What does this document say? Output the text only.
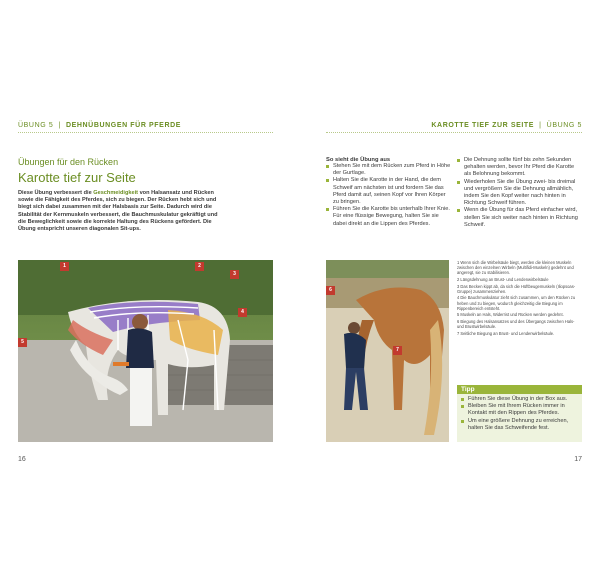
ÜBUNG 5  |  DEHNÜBUNGEN FÜR PFERDE	KAROTTE TIEF ZUR SEITE  |  ÜBUNG 5
Übungen für den Rücken
Karotte tief zur Seite

Diese Übung verbessert die Geschmeidigkeit von Halsansatz und Rücken sowie die Fähigkeit des Pferdes, sich zu biegen. Der Rücken hebt sich und biegt sich dabei zusammen mit der Halsbasis zur Seite. Dadurch wird die Stabilität der Kernmuskeln verbessert, die Bauchmuskulatur gekräftigt und die Beweglichkeit sowie die korrekte Haltung des Rückens gefördert. Die Übung entspricht unseren diagonalen Sit-ups.

1	2
3
4
5
So sieht die Übung aus
Stehen Sie mit dem Rücken zum Pferd in Höhe der Gurtlage.
Halten Sie die Karotte in der Hand, die dem Schweif am nächsten ist und fordern Sie das Pferd damit auf, seinen Kopf vor Ihren Körper zu bringen.
Führen Sie die Karotte bis unterhalb Ihrer Knie. Für eine flüssige Bewegung, halten Sie sie dabei direkt an die Lippen des Pferdes.
Die Dehnung sollte fünf bis zehn Sekunden gehalten werden, bevor Ihr Pferd die Karotte als Belohnung bekommt.
Wiederholen Sie die Übung zwei- bis dreimal und vergrößern Sie die Dehnung allmählich, indem Sie den Kopf weiter nach hinten in Richtung Schweif führen.
Wenn die Übung für das Pferd einfacher wird, stellen Sie sich weiter nach hinten in Richtung Schweif.
6
7
1 Wenn sich die Wirbelsäule biegt, werden die kleinen Muskeln zwischen den einzelnen Wirbeln (Multifidi-Muskeln) gedehnt und angeregt, sie zu stabilisieren.
2 Längsdehnung an Brust- und Lendenwirbelsäule
3 Das Becken kippt ab, da sich die Hüftbeugemuskeln (Iliopsoas-Gruppe) zusammenziehen.
4 Die Bauchmuskulatur zieht sich zusammen, um den Rücken zu heben und zu biegen, wodurch gleichzeitig die Biegung im Rippenbereich entsteht.
5 Muskeln an Hals, Widerrist und Rücken werden gedehnt.
6 Biegung des Halsansatzes und des Übergangs zwischen Hals- und Brustwirbelsäule.
7 Seitliche Biegung an Brust- und Lendenwirbelsäule.
Tipp
Führen Sie diese Übung in der Box aus.
Bleiben Sie mit Ihrem Rücken immer in Kontakt mit den Rippen des Pferdes.
Um eine größere Dehnung zu erreichen, halten Sie das Schweifende fest.
16	17
